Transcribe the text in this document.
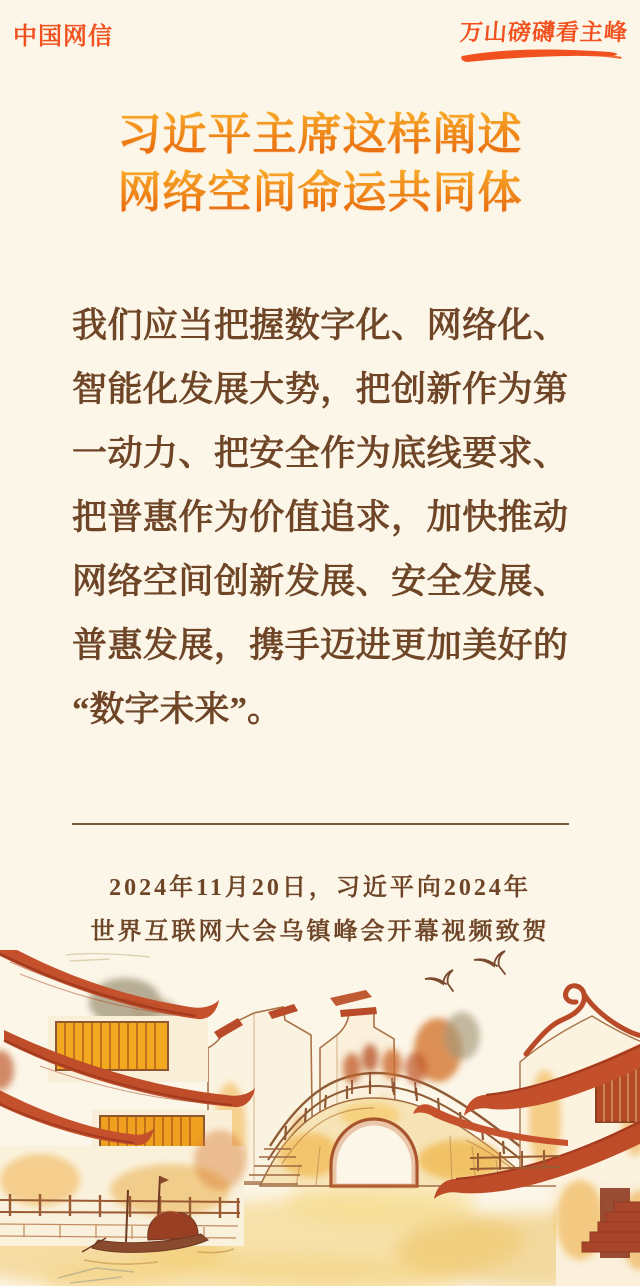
中国网信	万山磅礴看主峰
习近平主席这样阐述
网络空间命运共同体
我们应当把握数字化、网络化、
智能化发展大势，把创新作为第
一动力、把安全作为底线要求、
把普惠作为价值追求，加快推动
网络空间创新发展、安全发展、
普惠发展，携手迈进更加美好的
“数字未来”。
2024年11月20日，习近平向2024年
世界互联网大会乌镇峰会开幕视频致贺
